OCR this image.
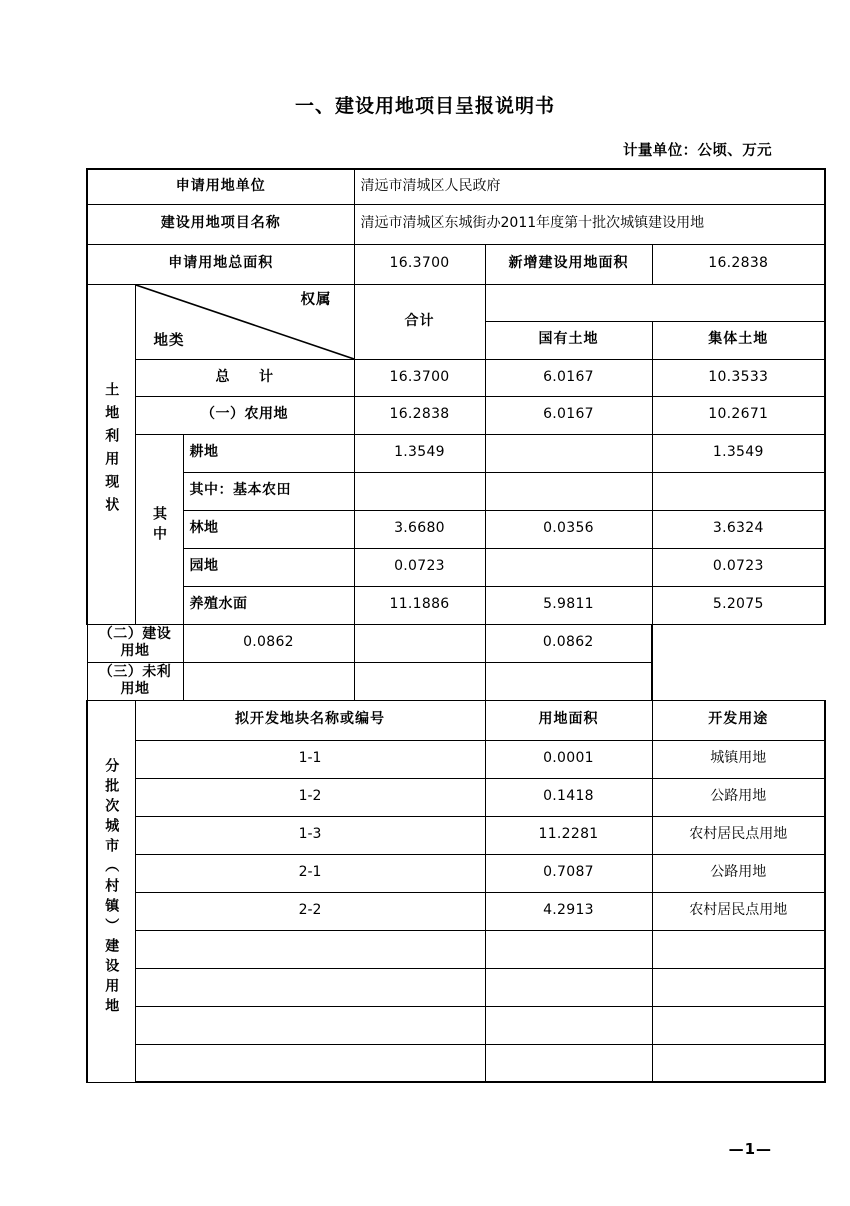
一、建设用地项目呈报说明书
计量单位：公顷、万元
申请用地单位			清远市清城区人民政府		
建设用地项目名称			清远市清城区东城街办2011年度第十批次城镇建设用地		
申请用地总面积			16.3700	新增建设用地面积	16.2838
土地利用现状	权属
地类		合计		
				国有土地	集体土地
	总　　计		16.3700	6.0167	10.3533
	（一）农用地		16.2838	6.0167	10.2671
	其中	耕地	1.3549		1.3549
		其中：基本农田			
		林地	3.6680	0.0356	3.6324
		园地	0.0723		0.0723
		养殖水面	11.1886	5.9811	5.2075
（二）建设用地		0.0862		0.0862	
（三）未利用地					
分批次城市（村镇）建设用地	拟开发地块名称或编号			用地面积	开发用途
	1-1			0.0001	城镇用地
	1-2			0.1418	公路用地
	1-3			11.2281	农村居民点用地
	2-1			0.7087	公路用地
	2-2			4.2913	农村居民点用地

—1—
